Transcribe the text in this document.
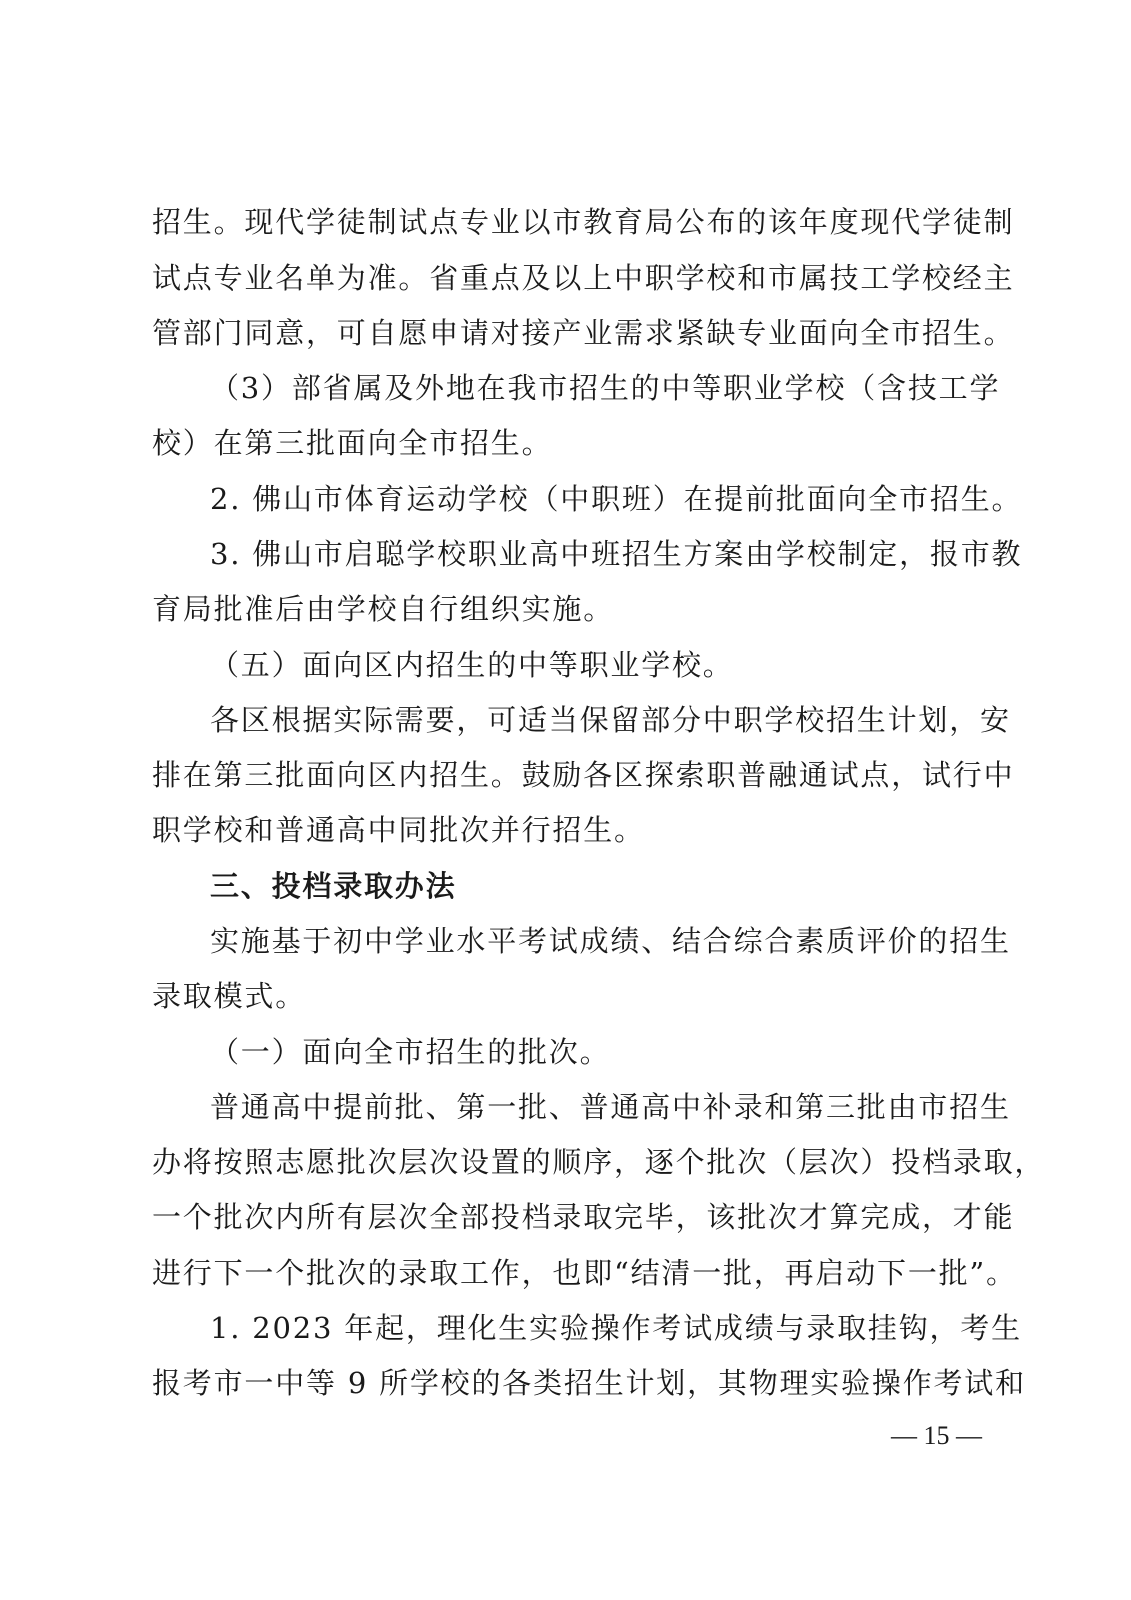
招生。现代学徒制试点专业以市教育局公布的该年度现代学徒制
试点专业名单为准。省重点及以上中职学校和市属技工学校经主
管部门同意，可自愿申请对接产业需求紧缺专业面向全市招生。
（3）部省属及外地在我市招生的中等职业学校（含技工学
校）在第三批面向全市招生。
2. 佛山市体育运动学校（中职班）在提前批面向全市招生。
3. 佛山市启聪学校职业高中班招生方案由学校制定，报市教
育局批准后由学校自行组织实施。
（五）面向区内招生的中等职业学校。
各区根据实际需要，可适当保留部分中职学校招生计划，安
排在第三批面向区内招生。鼓励各区探索职普融通试点，试行中
职学校和普通高中同批次并行招生。
三、投档录取办法
实施基于初中学业水平考试成绩、结合综合素质评价的招生
录取模式。
（一）面向全市招生的批次。
普通高中提前批、第一批、普通高中补录和第三批由市招生
办将按照志愿批次层次设置的顺序，逐个批次（层次）投档录取，
一个批次内所有层次全部投档录取完毕，该批次才算完成，才能
进行下一个批次的录取工作，也即“结清一批，再启动下一批”。
1. 2023 年起，理化生实验操作考试成绩与录取挂钩，考生
报考市一中等 9 所学校的各类招生计划，其物理实验操作考试和
— 15 —
